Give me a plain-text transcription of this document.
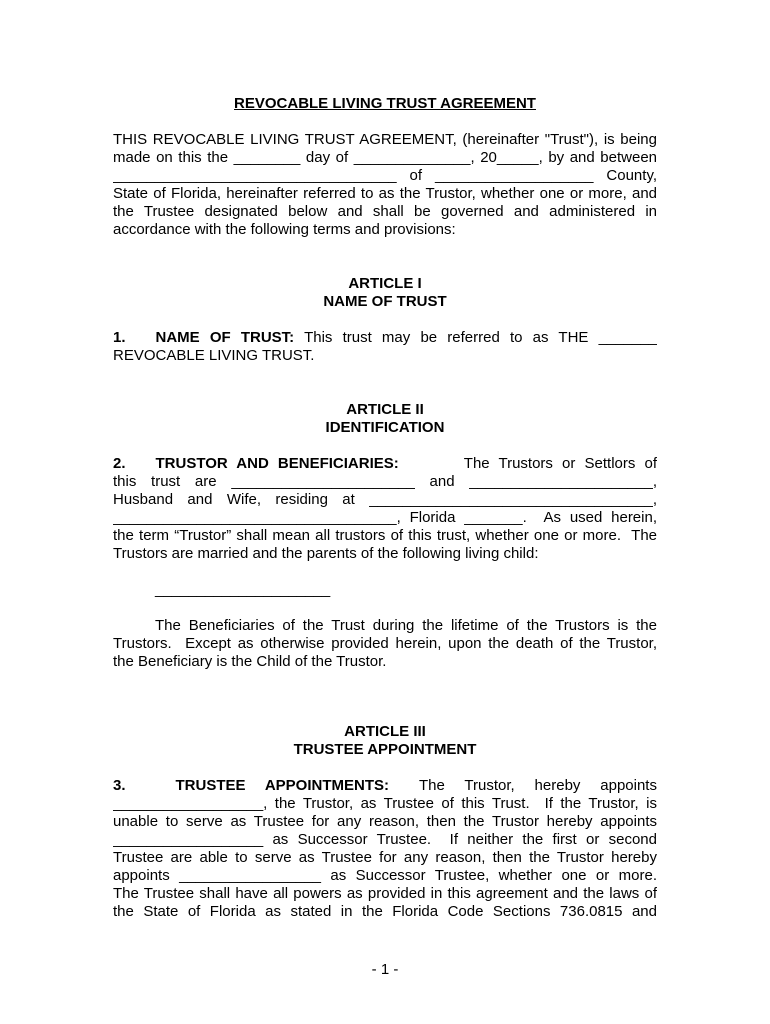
REVOCABLE LIVING TRUST AGREEMENT
THIS REVOCABLE LIVING TRUST AGREEMENT, (hereinafter "Trust"), is being
made on this the ________ day of ______________, 20_____, by and between
__________________________________ of ___________________ County,
State of Florida, hereinafter referred to as the Trustor, whether one or more, and
the Trustee designated below and shall be governed and administered in
accordance with the following terms and provisions:
ARTICLE I
NAME OF TRUST
1. NAME OF TRUST: This trust may be referred to as THE _______
REVOCABLE LIVING TRUST.
ARTICLE II
IDENTIFICATION
2. TRUSTOR AND BENEFICIARIES:	The Trustors or Settlors of
this trust are ______________________ and ______________________,
Husband and Wife, residing at __________________________________,
__________________________________, Florida _______.  As used herein,
the term “Trustor” shall mean all trustors of this trust, whether one or more.  The
Trustors are married and the parents of the following living child:
_____________________
The Beneficiaries of the Trust during the lifetime of the Trustors is the
Trustors.  Except as otherwise provided herein, upon the death of the Trustor,
the Beneficiary is the Child of the Trustor.
ARTICLE III
TRUSTEE APPOINTMENT
3.	TRUSTEE APPOINTMENTS: The Trustor, hereby appoints
__________________, the Trustor, as Trustee of this Trust.  If the Trustor, is
unable to serve as Trustee for any reason, then the Trustor hereby appoints
__________________ as Successor Trustee.  If neither the first or second
Trustee are able to serve as Trustee for any reason, then the Trustor hereby
appoints _________________ as Successor Trustee, whether one or more.
The Trustee shall have all powers as provided in this agreement and the laws of
the State of Florida as stated in the Florida Code Sections 736.0815 and
- 1 -
